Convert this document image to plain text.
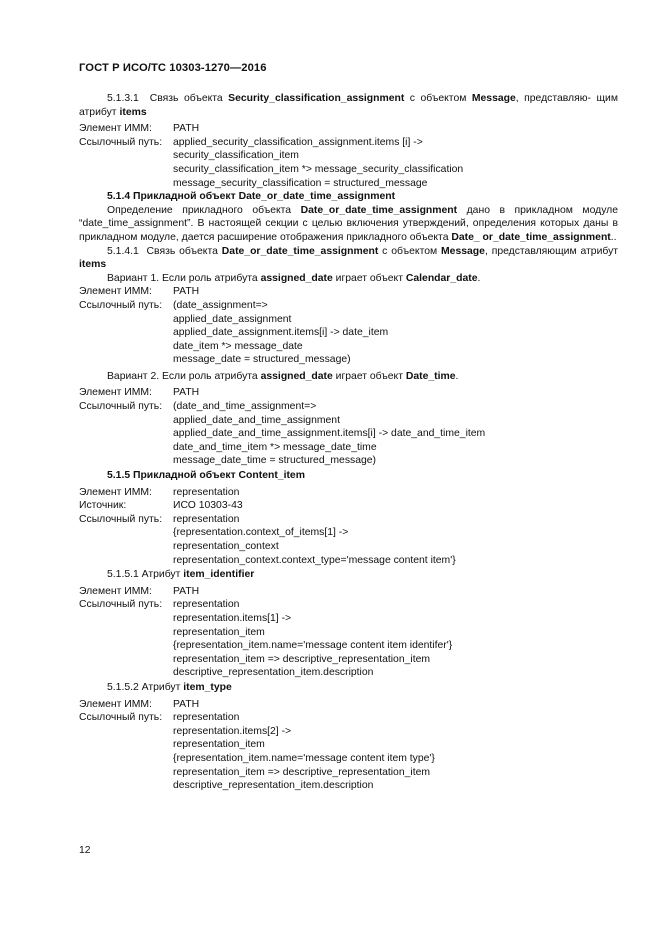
ГОСТ Р ИСО/ТС 10303-1270—2016

5.1.3.1 Связь объекта Security_classification_assignment с объектом Message, представляю- щим атрибут items

Элемент ИММ:	PATH
Ссылочный путь:	applied_security_classification_assignment.items [i] ->
security_classification_item
security_classification_item *> message_security_classification
message_security_classification = structured_message
5.1.4 Прикладной объект Date_or_date_time_assignment

Определение прикладного объекта Date_or_date_time_assignment дано в прикладном модуле “date_time_assignment”. В настоящей секции с целью включения утверждений, определения которых даны в прикладном модуле, дается расширение отображения прикладного объекта Date_ or_date_time_assignment..

5.1.4.1 Связь объекта Date_or_date_time_assignment с объектом Message, представляющим атрибут items

Вариант 1. Если роль атрибута assigned_date играет объект Calendar_date.

Элемент ИММ:	PATH
Ссылочный путь:	(date_assignment=>
applied_date_assignment
applied_date_assignment.items[i] -> date_item
date_item *> message_date
message_date = structured_message)

Вариант 2. Если роль атрибута assigned_date играет объект Date_time.

Элемент ИММ:	PATH
Ссылочный путь:	(date_and_time_assignment=>
applied_date_and_time_assignment
applied_date_and_time_assignment.items[i] -> date_and_time_item
date_and_time_item *> message_date_time
message_date_time = structured_message)
5.1.5 Прикладной объект Content_item
Элемент ИММ:	representation
Источник:	ИСО 10303-43
Ссылочный путь:	representation
{representation.context_of_items[1] ->
representation_context
representation_context.context_type='message content item'}
5.1.5.1 Атрибут item_identifier
Элемент ИММ:	PATH
Ссылочный путь:	representation
representation.items[1] ->
representation_item
{representation_item.name='message content item identifer'}
representation_item => descriptive_representation_item
descriptive_representation_item.description
5.1.5.2 Атрибут item_type
Элемент ИММ:	PATH
Ссылочный путь:	representation
representation.items[2] ->
representation_item
{representation_item.name='message content item type'}
representation_item => descriptive_representation_item
descriptive_representation_item.description
12
